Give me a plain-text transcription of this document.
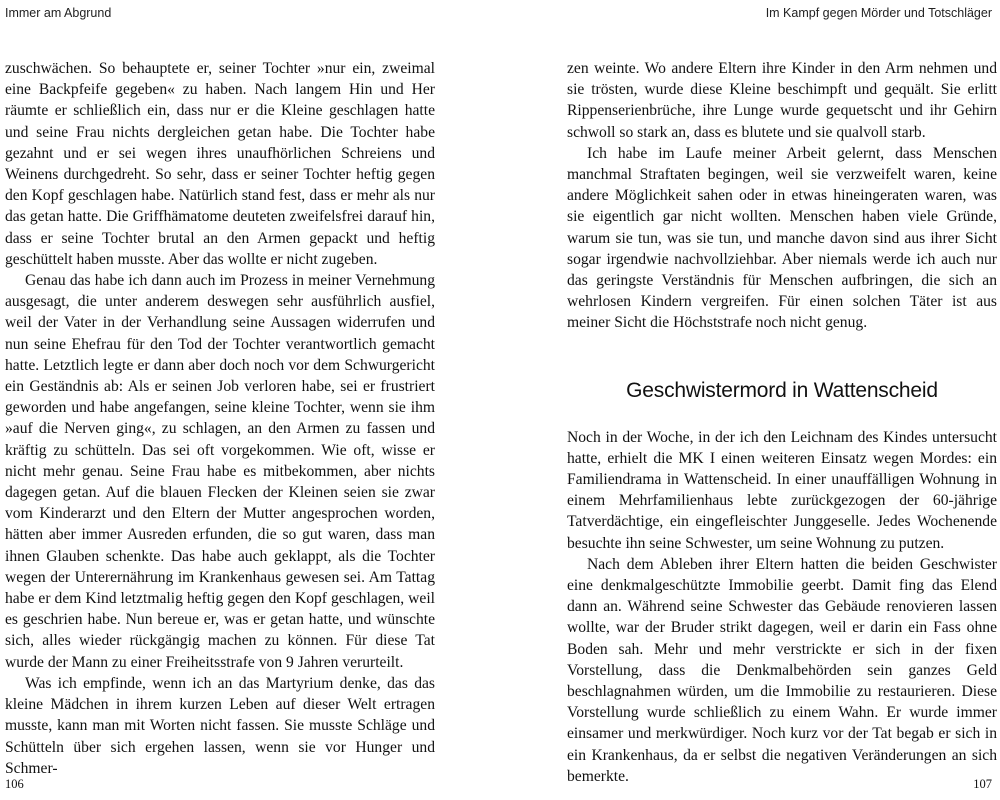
Immer am Abgrund

zuschwächen. So behauptete er, seiner Tochter »nur ein, zweimal eine Backpfeife gegeben« zu haben. Nach langem Hin und Her räumte er schließlich ein, dass nur er die Kleine geschlagen hatte und seine Frau nichts dergleichen getan habe. Die Tochter habe gezahnt und er sei wegen ihres unaufhörlichen Schreiens und Weinens durchgedreht. So sehr, dass er seiner Tochter heftig gegen den Kopf geschlagen habe. Natürlich stand fest, dass er mehr als nur das getan hatte. Die Griffhämatome deuteten zweifelsfrei darauf hin, dass er seine Tochter brutal an den Armen gepackt und heftig geschüttelt haben musste. Aber das wollte er nicht zugeben.

Genau das habe ich dann auch im Prozess in meiner Vernehmung ausgesagt, die unter anderem deswegen sehr ausführlich ausfiel, weil der Vater in der Verhandlung seine Aussagen widerrufen und nun seine Ehefrau für den Tod der Tochter verantwortlich gemacht hatte. Letztlich legte er dann aber doch noch vor dem Schwurgericht ein Geständnis ab: Als er seinen Job verloren habe, sei er frustriert geworden und habe angefangen, seine kleine Tochter, wenn sie ihm »auf die Nerven ging«, zu schlagen, an den Armen zu fassen und kräftig zu schütteln. Das sei oft vorgekommen. Wie oft, wisse er nicht mehr genau. Seine Frau habe es mitbekommen, aber nichts dagegen getan. Auf die blauen Flecken der Kleinen seien sie zwar vom Kinderarzt und den Eltern der Mutter angesprochen worden, hätten aber immer Ausreden erfunden, die so gut waren, dass man ihnen Glauben schenkte. Das habe auch geklappt, als die Tochter wegen der Unterernährung im Krankenhaus gewesen sei. Am Tattag habe er dem Kind letztmalig heftig gegen den Kopf geschlagen, weil es geschrien habe. Nun bereue er, was er getan hatte, und wünschte sich, alles wieder rückgängig machen zu können. Für diese Tat wurde der Mann zu einer Freiheitsstrafe von 9 Jahren verurteilt.

Was ich empfinde, wenn ich an das Martyrium denke, das das kleine Mädchen in ihrem kurzen Leben auf dieser Welt ertragen musste, kann man mit Worten nicht fassen. Sie musste Schläge und Schütteln über sich ergehen lassen, wenn sie vor Hunger und Schmer-

106
Im Kampf gegen Mörder und Totschläger

zen weinte. Wo andere Eltern ihre Kinder in den Arm nehmen und sie trösten, wurde diese Kleine beschimpft und gequält. Sie erlitt Rippenserienbrüche, ihre Lunge wurde gequetscht und ihr Gehirn schwoll so stark an, dass es blutete und sie qualvoll starb.

Ich habe im Laufe meiner Arbeit gelernt, dass Menschen manchmal Straftaten begingen, weil sie verzweifelt waren, keine andere Möglichkeit sahen oder in etwas hineingeraten waren, was sie eigentlich gar nicht wollten. Menschen haben viele Gründe, warum sie tun, was sie tun, und manche davon sind aus ihrer Sicht sogar irgendwie nachvollziehbar. Aber niemals werde ich auch nur das geringste Verständnis für Menschen aufbringen, die sich an wehrlosen Kindern vergreifen. Für einen solchen Täter ist aus meiner Sicht die Höchststrafe noch nicht genug.

Geschwistermord in Wattenscheid

Noch in der Woche, in der ich den Leichnam des Kindes untersucht hatte, erhielt die MK I einen weiteren Einsatz wegen Mordes: ein Familiendrama in Wattenscheid. In einer unauffälligen Wohnung in einem Mehrfamilienhaus lebte zurückgezogen der 60-jährige Tatverdächtige, ein eingefleischter Junggeselle. Jedes Wochenende besuchte ihn seine Schwester, um seine Wohnung zu putzen.

Nach dem Ableben ihrer Eltern hatten die beiden Geschwister eine denkmalgeschützte Immobilie geerbt. Damit fing das Elend dann an. Während seine Schwester das Gebäude renovieren lassen wollte, war der Bruder strikt dagegen, weil er darin ein Fass ohne Boden sah. Mehr und mehr verstrickte er sich in der fixen Vorstellung, dass die Denkmalbehörden sein ganzes Geld beschlagnahmen würden, um die Immobilie zu restaurieren. Diese Vorstellung wurde schließlich zu einem Wahn. Er wurde immer einsamer und merkwürdiger. Noch kurz vor der Tat begab er sich in ein Krankenhaus, da er selbst die negativen Veränderungen an sich bemerkte.	107
